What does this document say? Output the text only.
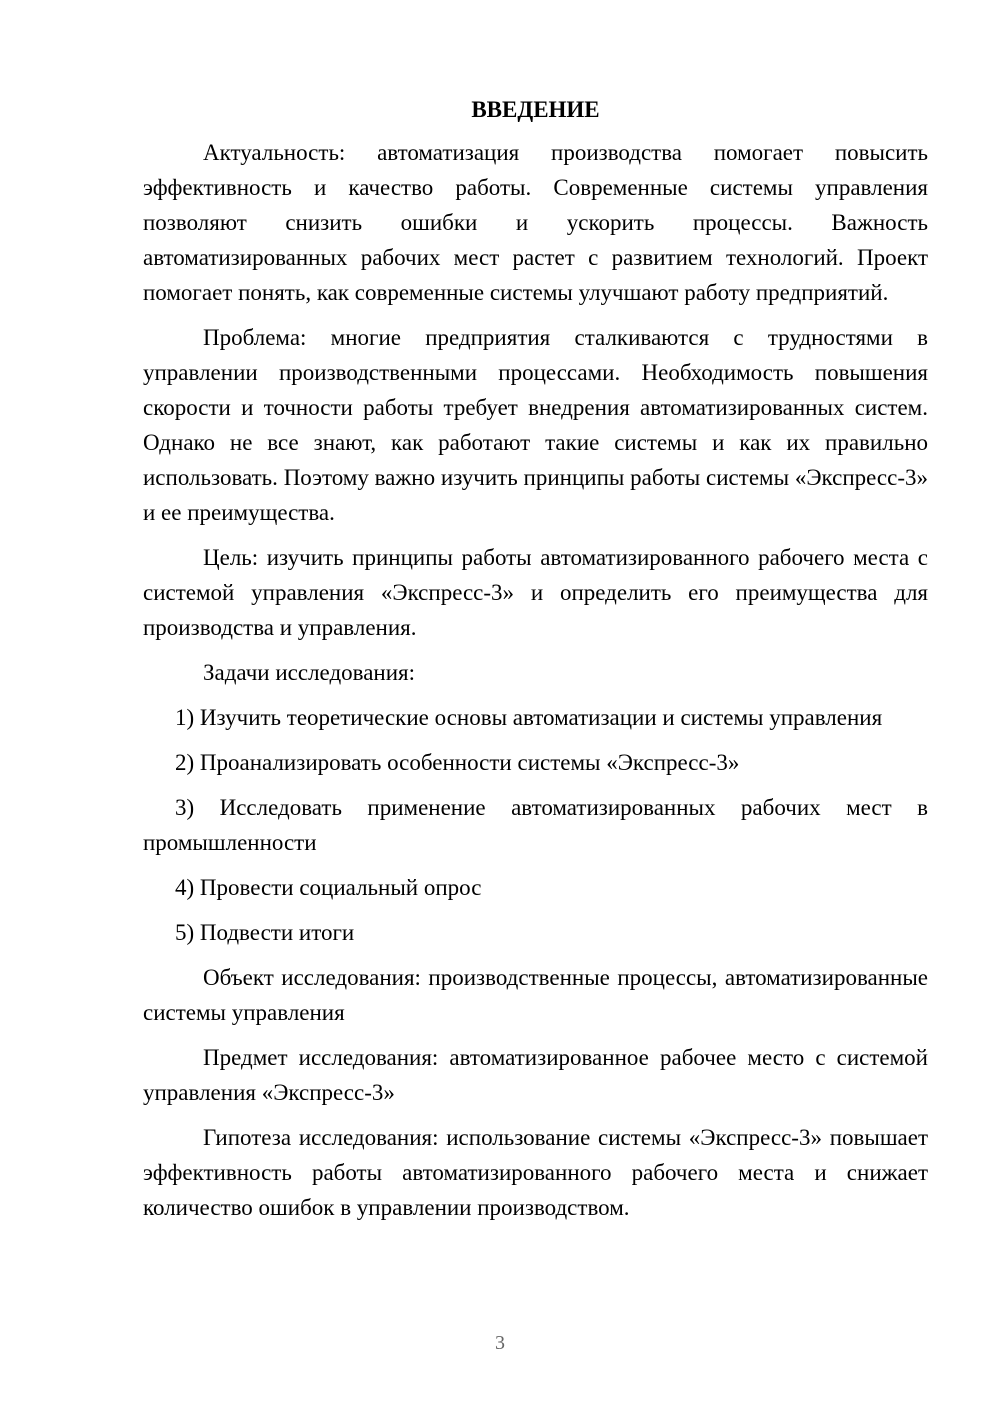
ВВЕДЕНИЕ

Актуальность: автоматизация производства помогает повысить эффективность и качество работы. Современные системы управления позволяют снизить ошибки и ускорить процессы. Важность автоматизированных рабочих мест растет с развитием технологий. Проект помогает понять, как современные системы улучшают работу предприятий.

Проблема: многие предприятия сталкиваются с трудностями в управлении производственными процессами. Необходимость повышения скорости и точности работы требует внедрения автоматизированных систем. Однако не все знают, как работают такие системы и как их правильно использовать. Поэтому важно изучить принципы работы системы «Экспресс-3» и ее преимущества.

Цель: изучить принципы работы автоматизированного рабочего места с системой управления «Экспресс-3» и определить его преимущества для производства и управления.

Задачи исследования:

1) Изучить теоретические основы автоматизации и системы управления

2) Проанализировать особенности системы «Экспресс-3»

3) Исследовать применение автоматизированных рабочих мест в промышленности

4) Провести социальный опрос

5) Подвести итоги

Объект исследования: производственные процессы, автоматизированные системы управления

Предмет исследования: автоматизированное рабочее место с системой управления «Экспресс-3»

Гипотеза исследования: использование системы «Экспресс-3» повышает эффективность работы автоматизированного рабочего места и снижает количество ошибок в управлении производством.

3
